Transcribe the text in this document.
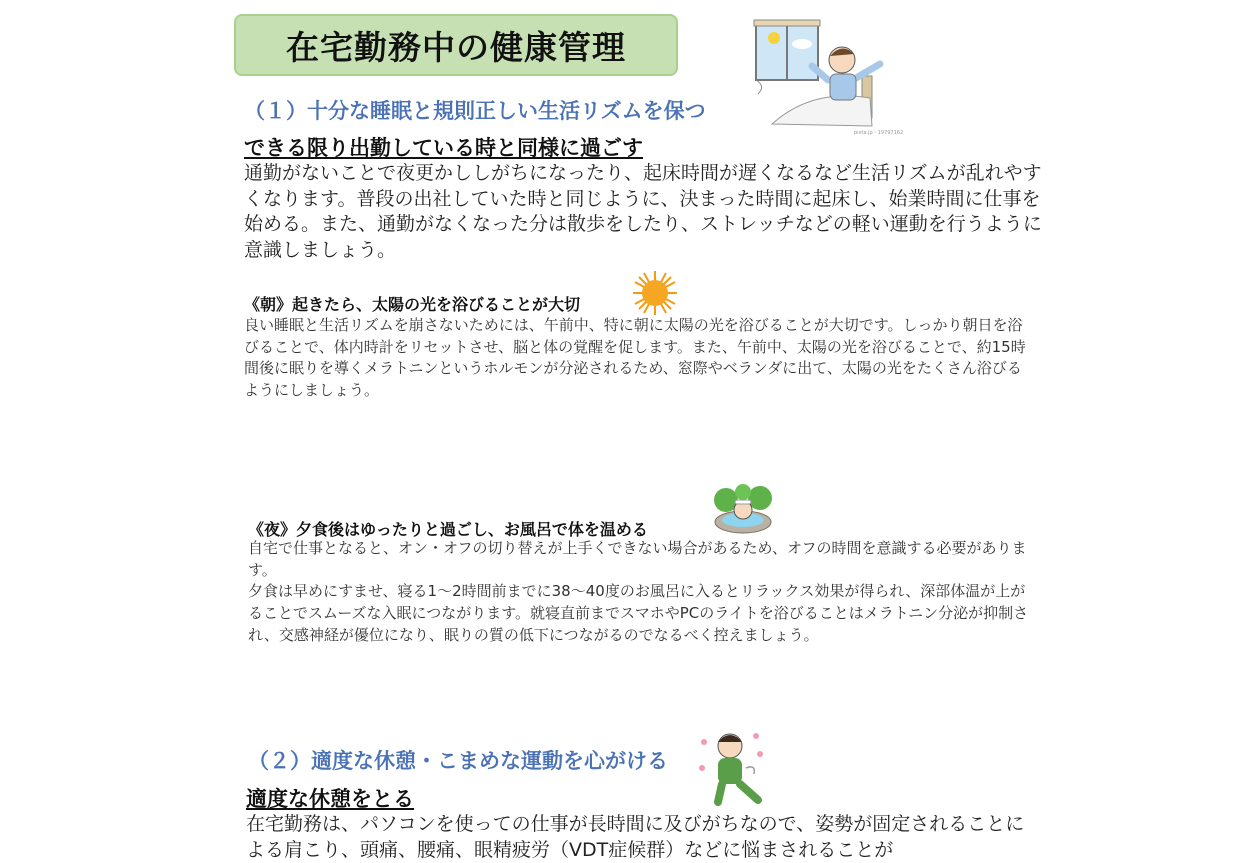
在宅勤務中の健康管理
pixta.jp - 19797162
（１）十分な睡眠と規則正しい生活リズムを保つ
できる限り出勤している時と同様に過ごす
通勤がないことで夜更かししがちになったり、起床時間が遅くなるなど生活リズムが乱れやすくなります。普段の出社していた時と同じように、決まった時間に起床し、始業時間に仕事を始める。また、通勤がなくなった分は散歩をしたり、ストレッチなどの軽い運動を行うように意識しましょう。
《朝》起きたら、太陽の光を浴びることが大切
良い睡眠と生活リズムを崩さないためには、午前中、特に朝に太陽の光を浴びることが大切です。しっかり朝日を浴びることで、体内時計をリセットさせ、脳と体の覚醒を促します。また、午前中、太陽の光を浴びることで、約15時間後に眠りを導くメラトニンというホルモンが分泌されるため、窓際やベランダに出て、太陽の光をたくさん浴びるようにしましょう。
《夜》夕食後はゆったりと過ごし、お風呂で体を温める

自宅で仕事となると、オン・オフの切り替えが上手くできない場合があるため、オフの時間を意識する必要があります。

夕食は早めにすませ、寝る1〜2時間前までに38〜40度のお風呂に入るとリラックス効果が得られ、深部体温が上がることでスムーズな入眠につながります。就寝直前までスマホやPCのライトを浴びることはメラトニン分泌が抑制され、交感神経が優位になり、眠りの質の低下につながるのでなるべく控えましょう。

（２）適度な休憩・こまめな運動を心がける
適度な休憩をとる
在宅勤務は、パソコンを使っての仕事が長時間に及びがちなので、姿勢が固定されることによる肩こり、頭痛、腰痛、眼精疲労（VDT症候群）などに悩まされることが
